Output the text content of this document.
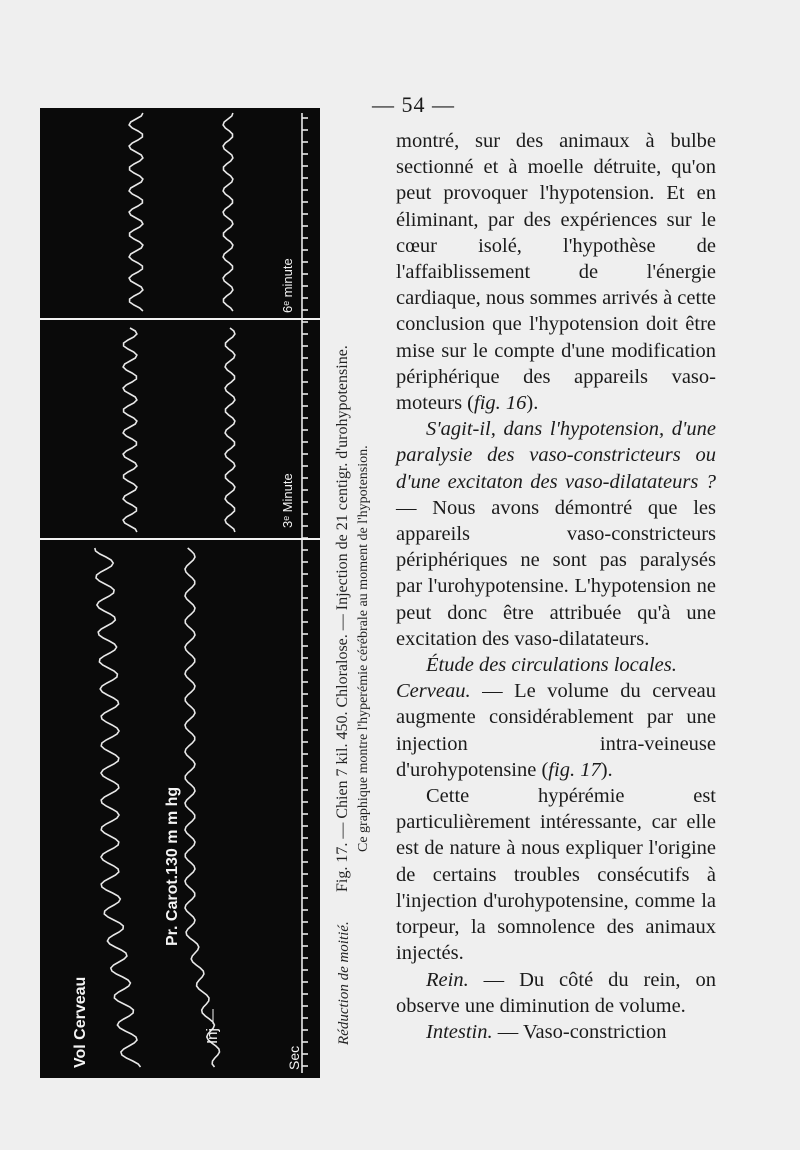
— 54 —
Vol Cerveau
Pr. Carot.130 m m hg
Inj —
Sec
3ᵉ Minute
6ᵉ minute
Réduction de moitié.
Fig. 17. — Chien 7 kil. 450. Chloralose. — Injection de 21 centigr. d'urohypotensine. Ce graphique montre l'hyperémie cérébrale au moment de l'hypotension.

montré, sur des animaux à bulbe sectionné et à moelle détruite, qu'on peut provoquer l'hypotension. Et en éliminant, par des expériences sur le cœur isolé, l'hypothèse de l'affaiblissement de l'énergie cardiaque, nous sommes arrivés à cette conclusion que l'hypotension doit être mise sur le compte d'une modification périphérique des appareils vaso-moteurs (fig. 16).

S'agit-il, dans l'hypotension, d'une paralysie des vaso-constricteurs ou d'une excitaton des vaso-dilatateurs ? — Nous avons démontré que les appareils vaso-constricteurs périphériques ne sont pas paralysés par l'urohypotensine. L'hypotension ne peut donc être attribuée qu'à une excitation des vaso-dilatateurs.

Étude des circulations locales.

Cerveau. — Le volume du cerveau augmente considérablement par une injection intra-veineuse d'urohypotensine (fig. 17).

Cette hypérémie est particulièrement intéressante, car elle est de nature à nous expliquer l'origine de certains troubles consécutifs à l'injection d'urohypotensine, comme la torpeur, la somnolence des animaux injectés.

Rein. — Du côté du rein, on observe une diminution de volume.

Intestin. — Vaso-constriction
